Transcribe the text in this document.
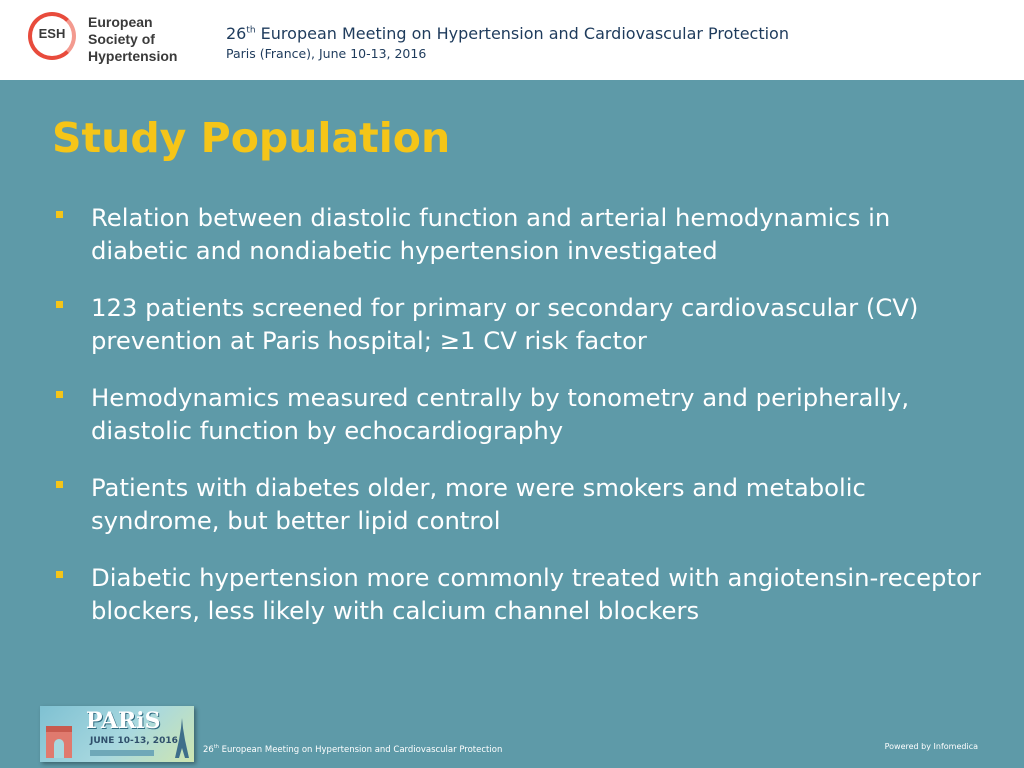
ESH
European
Society of
Hypertension
26th European Meeting on Hypertension and Cardiovascular Protection
Paris (France), June 10-13, 2016
Study Population
Relation between diastolic function and arterial hemodynamics in diabetic and nondiabetic hypertension investigated
123 patients screened for primary or secondary cardiovascular (CV) prevention at Paris hospital; ≥1 CV risk factor
Hemodynamics measured centrally by tonometry and peripherally, diastolic function by echocardiography
Patients with diabetes older, more were smokers and metabolic syndrome, but better lipid control
Diabetic hypertension more commonly treated with angiotensin-receptor blockers, less likely with calcium channel blockers
PARiS
JUNE 10-13, 2016
26th European Meeting on Hypertension and Cardiovascular Protection	Powered by Infomedica
